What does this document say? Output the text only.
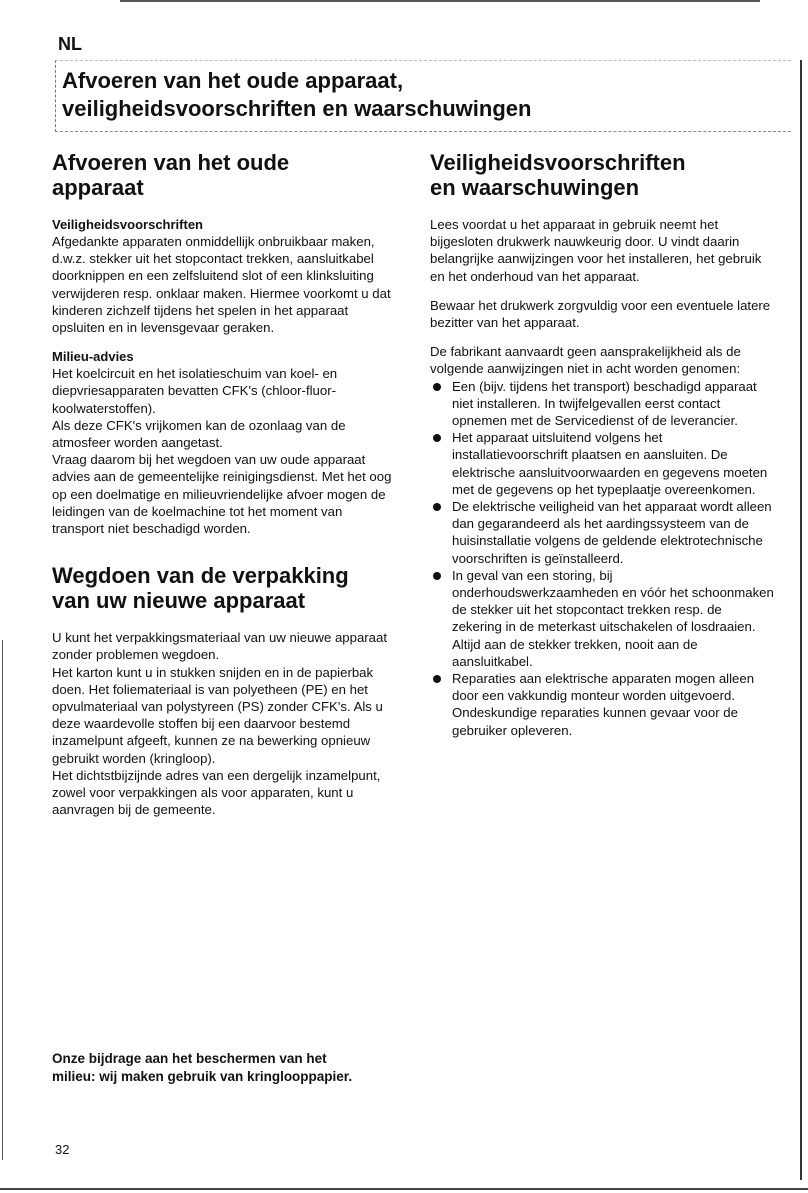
NL
Afvoeren van het oude apparaat,
veiligheidsvoorschriften en waarschuwingen
Afvoeren van het oude
apparaat
Veiligheidsvoorschriften

Afgedankte apparaten onmiddellijk onbruikbaar maken, d.w.z. stekker uit het stopcontact trekken, aansluitkabel doorknippen en een zelfsluitend slot of een klinksluiting verwijderen resp. onklaar maken. Hiermee voorkomt u dat kinderen zichzelf tijdens het spelen in het apparaat opsluiten en in levensgevaar geraken.

Milieu-advies

Het koelcircuit en het isolatieschuim van koel- en diepvriesapparaten bevatten CFK's (chloor-fluor-koolwaterstoffen).

Als deze CFK's vrijkomen kan de ozonlaag van de atmosfeer worden aangetast.

Vraag daarom bij het wegdoen van uw oude apparaat advies aan de gemeentelijke reinigingsdienst. Met het oog op een doelmatige en milieuvriendelijke afvoer mogen de leidingen van de koelmachine tot het moment van transport niet beschadigd worden.

Wegdoen van de verpakking
van uw nieuwe apparaat

U kunt het verpakkingsmateriaal van uw nieuwe apparaat zonder problemen wegdoen.

Het karton kunt u in stukken snijden en in de papierbak doen. Het foliemateriaal is van polyetheen (PE) en het opvulmateriaal van polystyreen (PS) zonder CFK's. Als u deze waardevolle stoffen bij een daarvoor bestemd inzamelpunt afgeeft, kunnen ze na bewerking opnieuw gebruikt worden (kringloop).

Het dichtstbijzijnde adres van een dergelijk inzamelpunt, zowel voor verpakkingen als voor apparaten, kunt u aanvragen bij de gemeente.

Veiligheidsvoorschriften
en waarschuwingen

Lees voordat u het apparaat in gebruik neemt het bijgesloten drukwerk nauwkeurig door. U vindt daarin belangrijke aanwijzingen voor het installeren, het gebruik en het onderhoud van het apparaat.

Bewaar het drukwerk zorgvuldig voor een eventuele latere bezitter van het apparaat.

De fabrikant aanvaardt geen aansprakelijkheid als de volgende aanwijzingen niet in acht worden genomen:

Een (bijv. tijdens het transport) beschadigd apparaat niet installeren. In twijfelgevallen eerst contact opnemen met de Servicedienst of de leverancier.
Het apparaat uitsluitend volgens het installatievoorschrift plaatsen en aansluiten. De elektrische aansluitvoorwaarden en gegevens moeten met de gegevens op het typeplaatje overeenkomen.
De elektrische veiligheid van het apparaat wordt alleen dan gegarandeerd als het aardingssysteem van de huisinstallatie volgens de geldende elektrotechnische voorschriften is geïnstalleerd.
In geval van een storing, bij onderhoudswerkzaamheden en vóór het schoonmaken de stekker uit het stopcontact trekken resp. de zekering in de meterkast uitschakelen of losdraaien. Altijd aan de stekker trekken, nooit aan de aansluitkabel.
Reparaties aan elektrische apparaten mogen alleen door een vakkundig monteur worden uitgevoerd. Ondeskundige reparaties kunnen gevaar voor de gebruiker opleveren.

Onze bijdrage aan het beschermen van het milieu: wij maken gebruik van kringlooppapier.

32
